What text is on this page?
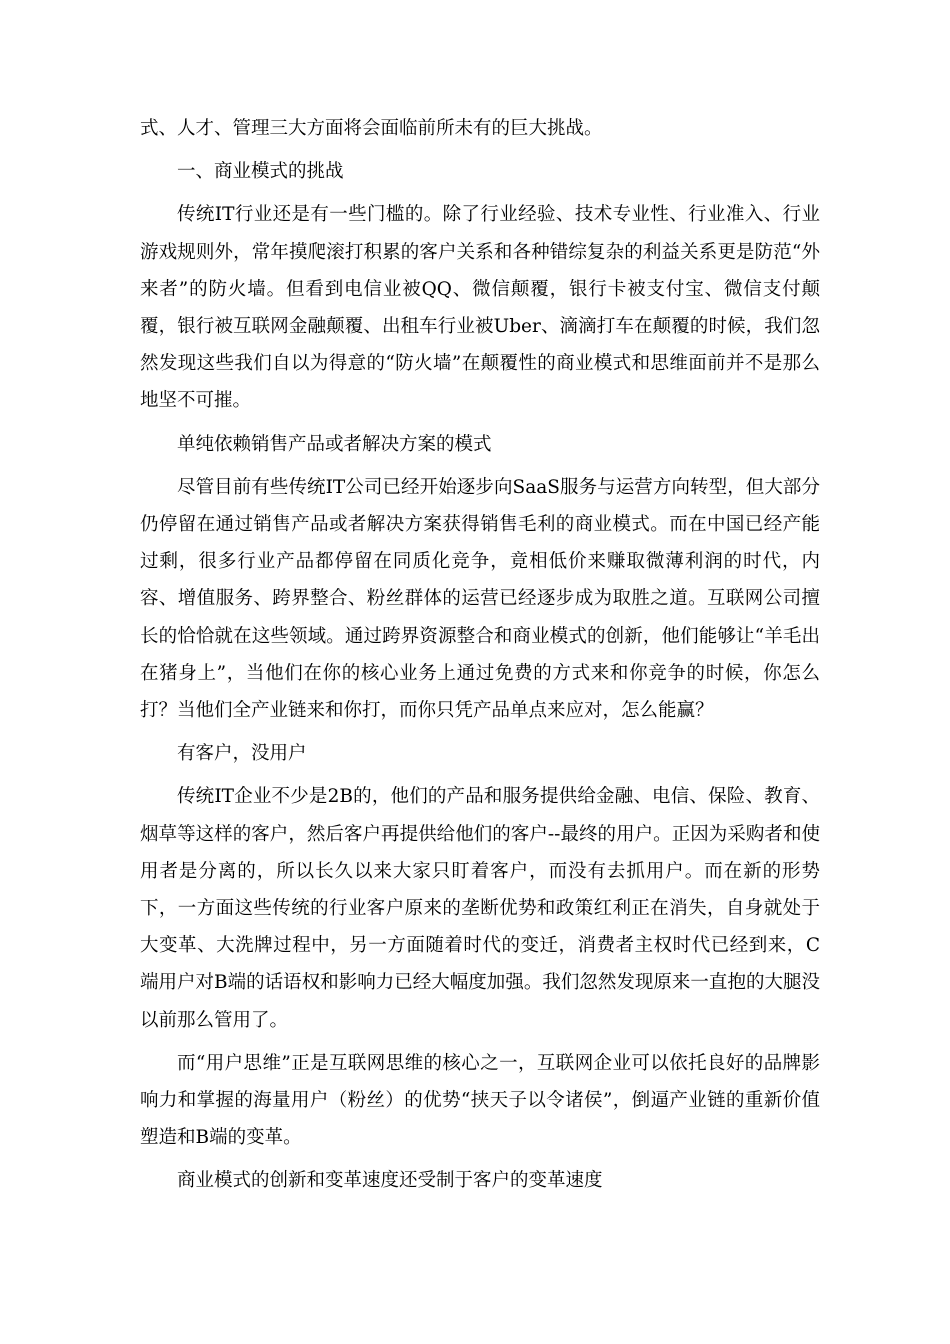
式、人才、管理三大方面将会面临前所未有的巨大挑战。

一、商业模式的挑战

传统IT行业还是有一些门槛的。除了行业经验、技术专业性、行业准入、行业游戏规则外，常年摸爬滚打积累的客户关系和各种错综复杂的利益关系更是防范“外来者”的防火墙。但看到电信业被QQ、微信颠覆，银行卡被支付宝、微信支付颠覆，银行被互联网金融颠覆、出租车行业被Uber、滴滴打车在颠覆的时候，我们忽然发现这些我们自以为得意的“防火墙”在颠覆性的商业模式和思维面前并不是那么地坚不可摧。

单纯依赖销售产品或者解决方案的模式

尽管目前有些传统IT公司已经开始逐步向SaaS服务与运营方向转型，但大部分仍停留在通过销售产品或者解决方案获得销售毛利的商业模式。而在中国已经产能过剩，很多行业产品都停留在同质化竞争，竟相低价来赚取微薄利润的时代，内容、增值服务、跨界整合、粉丝群体的运营已经逐步成为取胜之道。互联网公司擅长的恰恰就在这些领域。通过跨界资源整合和商业模式的创新，他们能够让“羊毛出在猪身上”，当他们在你的核心业务上通过免费的方式来和你竞争的时候，你怎么打？当他们全产业链来和你打，而你只凭产品单点来应对，怎么能赢？

有客户，没用户

传统IT企业不少是2B的，他们的产品和服务提供给金融、电信、保险、教育、烟草等这样的客户，然后客户再提供给他们的客户--最终的用户。正因为采购者和使用者是分离的，所以长久以来大家只盯着客户，而没有去抓用户。而在新的形势下，一方面这些传统的行业客户原来的垄断优势和政策红利正在消失，自身就处于大变革、大洗牌过程中，另一方面随着时代的变迁，消费者主权时代已经到来，C端用户对B端的话语权和影响力已经大幅度加强。我们忽然发现原来一直抱的大腿没以前那么管用了。

而“用户思维”正是互联网思维的核心之一，互联网企业可以依托良好的品牌影响力和掌握的海量用户（粉丝）的优势“挟天子以令诸侯”，倒逼产业链的重新价值塑造和B端的变革。

商业模式的创新和变革速度还受制于客户的变革速度
